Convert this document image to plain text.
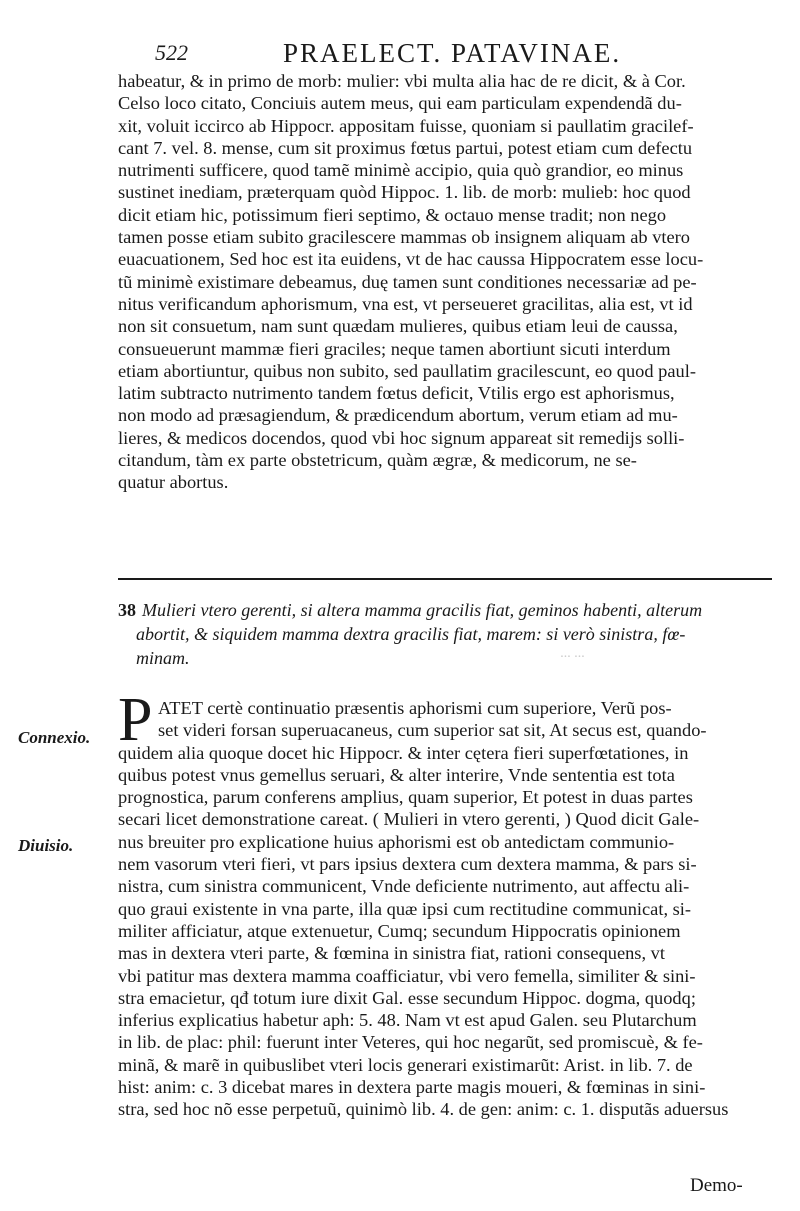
··· ···
522	PRAELECT. PATAVINAE.
habeatur, & in primo de morb: mulier: vbi multa alia hac de re dicit, & à Cor.
Celso loco citato, Conciuis autem meus, qui eam particulam expendendã du-
xit, voluit iccirco ab Hippocr. appositam fuisse, quoniam si paullatim gracilef-
cant 7. vel. 8. mense, cum sit proximus fœtus partui, potest etiam cum defectu
nutrimenti sufficere, quod tamẽ minimè accipio, quia quò grandior, eo minus
sustinet inediam, præterquam quòd Hippoc. 1. lib. de morb: mulieb: hoc quod
dicit etiam hic, potissimum fieri septimo, & octauo mense tradit; non nego
tamen posse etiam subito gracilescere mammas ob insignem aliquam ab vtero
euacuationem, Sed hoc est ita euidens, vt de hac caussa Hippocratem esse locu-
tũ minimè existimare debeamus, duę tamen sunt conditiones necessariæ ad pe-
nitus verificandum aphorismum, vna est, vt perseueret gracilitas, alia est, vt id
non sit consuetum, nam sunt quædam mulieres, quibus etiam leui de caussa,
consueuerunt mammæ fieri graciles; neque tamen abortiunt sicuti interdum
etiam abortiuntur, quibus non subito, sed paullatim gracilescunt, eo quod paul-
latim subtracto nutrimento tandem fœtus deficit, Vtilis ergo est aphorismus,
non modo ad præsagiendum, & prædicendum abortum, verum etiam ad mu-
lieres, & medicos docendos, quod vbi hoc signum appareat sit remedijs solli-
citandum, tàm ex parte obstetricum, quàm ægræ, & medicorum, ne se-
quatur abortus.
38 Mulieri vtero gerenti, si altera mamma gracilis fiat, geminos habenti, alterum
abortit, & siquidem mamma dextra gracilis fiat, marem: si verò sinistra, fœ-
minam.
Connexio.
Diuisio.
P ATET certè continuatio præsentis aphorismi cum superiore, Verũ pos-
set videri forsan superuacaneus, cum superior sat sit, At secus est, quando-
quidem alia quoque docet hic Hippocr. & inter cętera fieri superfœtationes, in
quibus potest vnus gemellus seruari, & alter interire, Vnde sententia est tota
prognostica, parum conferens amplius, quam superior, Et potest in duas partes
secari licet demonstratione careat. ( Mulieri in vtero gerenti, ) Quod dicit Gale-
nus breuiter pro explicatione huius aphorismi est ob antedictam communio-
nem vasorum vteri fieri, vt pars ipsius dextera cum dextera mamma, & pars si-
nistra, cum sinistra communicent, Vnde deficiente nutrimento, aut affectu ali-
quo graui existente in vna parte, illa quæ ipsi cum rectitudine communicat, si-
militer afficiatur, atque extenuetur, Cumq; secundum Hippocratis opinionem
mas in dextera vteri parte, & fœmina in sinistra fiat, rationi consequens, vt
vbi patitur mas dextera mamma coafficiatur, vbi vero femella, similiter & sini-
stra emacietur, qđ totum iure dixit Gal. esse secundum Hippoc. dogma, quodq;
inferius explicatius habetur aph: 5. 48. Nam vt est apud Galen. seu Plutarchum
in lib. de plac: phil: fuerunt inter Veteres, qui hoc negarũt, sed promiscuè, & fe-
minã, & marẽ in quibuslibet vteri locis generari existimarũt: Arist. in lib. 7. de
hist: anim: c. 3 dicebat mares in dextera parte magis moueri, & fœminas in sini-
stra, sed hoc nõ esse perpetuũ, quinimò lib. 4. de gen: anim: c. 1. disputãs aduersus
Demo-
